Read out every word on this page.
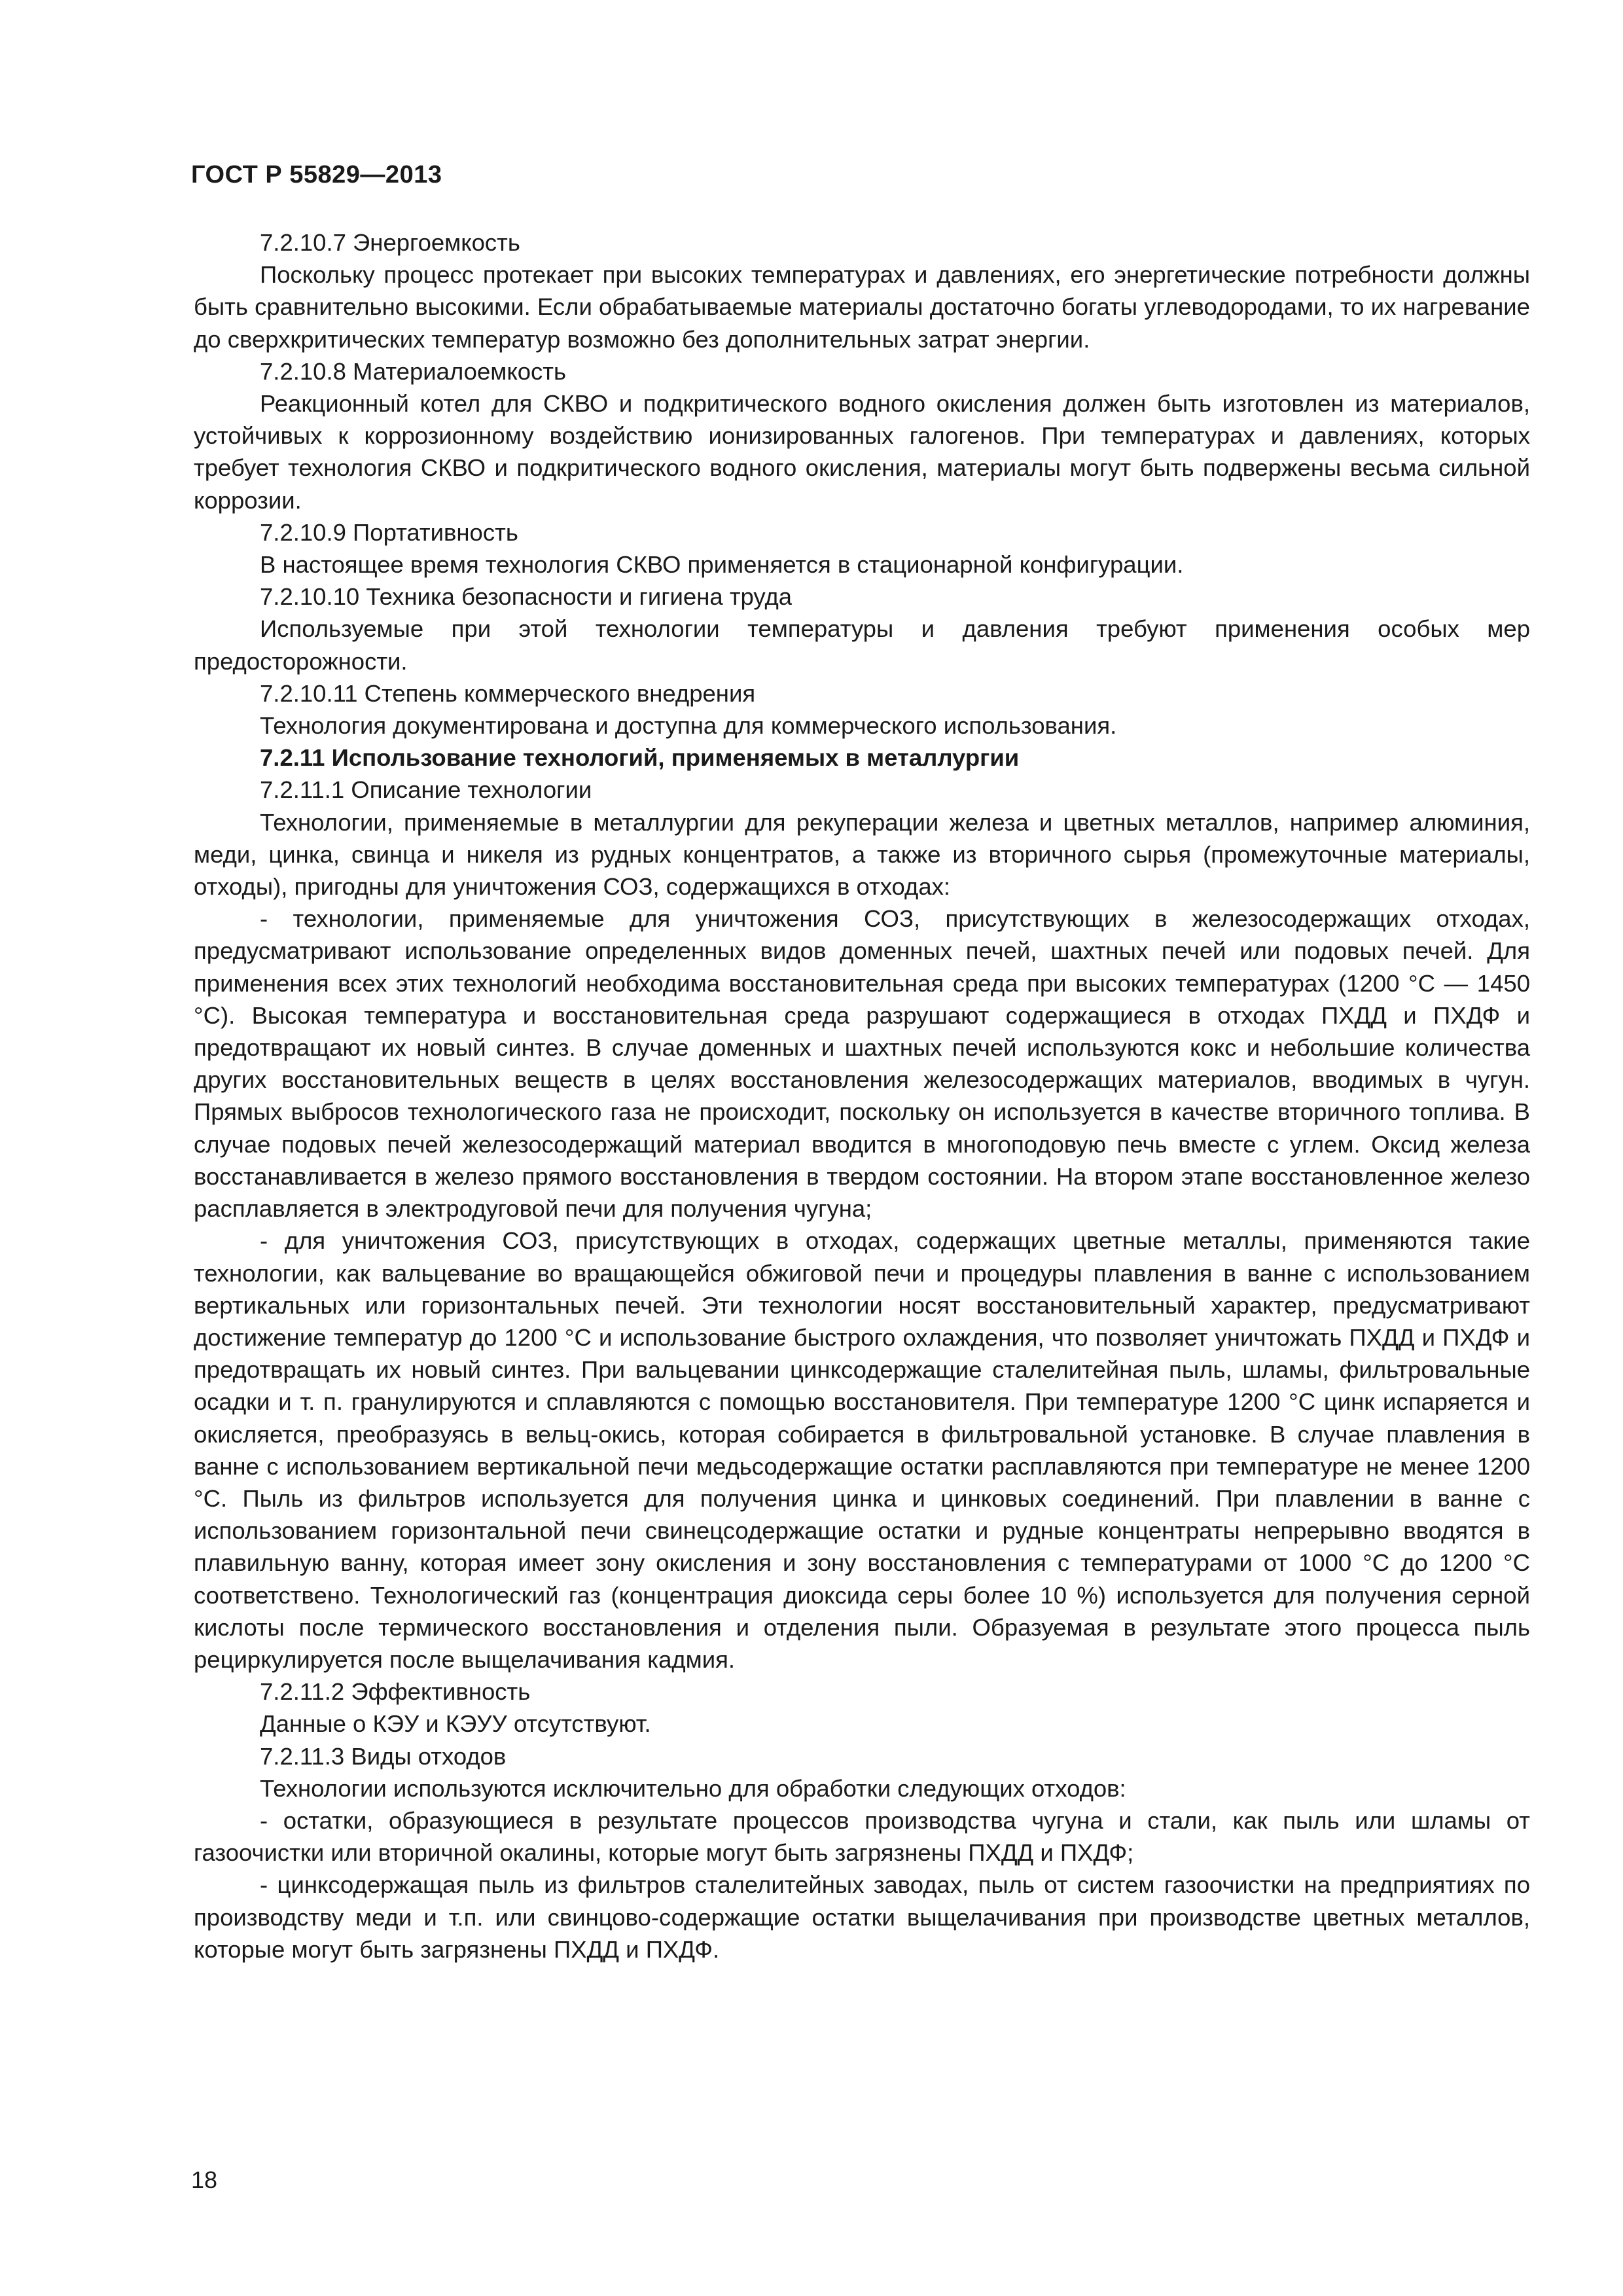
ГОСТ Р 55829—2013

7.2.10.7 Энергоемкость

Поскольку процесс протекает при высоких температурах и давлениях, его энергетические потребности должны быть сравнительно высокими. Если обрабатываемые материалы достаточно богаты углеводородами, то их нагревание до сверхкритических температур возможно без дополнительных затрат энергии.

7.2.10.8 Материалоемкость

Реакционный котел для СКВО и подкритического водного окисления должен быть изготовлен из материалов, устойчивых к коррозионному воздействию ионизированных галогенов. При температурах и давлениях, которых требует технология СКВО и подкритического водного окисления, материалы могут быть подвержены весьма сильной коррозии.

7.2.10.9 Портативность

В настоящее время технология СКВО применяется в стационарной конфигурации.

7.2.10.10 Техника безопасности и гигиена труда

Используемые при этой технологии температуры и давления требуют применения особых мер предосторожности.

7.2.10.11 Степень коммерческого внедрения

Технология документирована и доступна для коммерческого использования.

7.2.11 Использование технологий, применяемых в металлургии

7.2.11.1 Описание технологии

Технологии, применяемые в металлургии для рекуперации железа и цветных металлов, например алюминия, меди, цинка, свинца и никеля из рудных концентратов, а также из вторичного сырья (промежуточные материалы, отходы), пригодны для уничтожения СОЗ, содержащихся в отходах:

- технологии, применяемые для уничтожения СОЗ, присутствующих в железосодержащих отходах, предусматривают использование определенных видов доменных печей, шахтных печей или подовых печей. Для применения всех этих технологий необходима восстановительная среда при высоких температурах (1200 °С — 1450 °С). Высокая температура и восстановительная среда разрушают содержащиеся в отходах ПХДД и ПХДФ и предотвращают их новый синтез. В случае доменных и шахтных печей используются кокс и небольшие количества других восстановительных веществ в целях восстановления железосодержащих материалов, вводимых в чугун. Прямых выбросов технологического газа не происходит, поскольку он используется в качестве вторичного топлива. В случае подовых печей железосодержащий материал вводится в многоподовую печь вместе с углем. Оксид железа восстанавливается в железо прямого восстановления в твердом состоянии. На втором этапе восстановленное железо расплавляется в электродуговой печи для получения чугуна;

- для уничтожения СОЗ, присутствующих в отходах, содержащих цветные металлы, применяются такие технологии, как вальцевание во вращающейся обжиговой печи и процедуры плавления в ванне с использованием вертикальных или горизонтальных печей. Эти технологии носят восстановительный характер, предусматривают достижение температур до 1200 °С и использование быстрого охлаждения, что позволяет уничтожать ПХДД и ПХДФ и предотвращать их новый синтез. При вальцевании цинксодержащие сталелитейная пыль, шламы, фильтровальные осадки и т. п. гранулируются и сплавляются с помощью восстановителя. При температуре 1200 °С цинк испаряется и окисляется, преобразуясь в вельц-окись, которая собирается в фильтровальной установке. В случае плавления в ванне с использованием вертикальной печи медьсодержащие остатки расплавляются при температуре не менее 1200 °С. Пыль из фильтров используется для получения цинка и цинковых соединений. При плавлении в ванне с использованием горизонтальной печи свинецсодержащие остатки и рудные концентраты непрерывно вводятся в плавильную ванну, которая имеет зону окисления и зону восстановления с температурами от 1000 °С до 1200 °С соответствено. Технологический газ (концентрация диоксида серы более 10 %) используется для получения серной кислоты после термического восстановления и отделения пыли. Образуемая в результате этого процесса пыль рециркулируется после выщелачивания кадмия.

7.2.11.2 Эффективность

Данные о КЭУ и КЭУУ отсутствуют.

7.2.11.3 Виды отходов

Технологии используются исключительно для обработки следующих отходов:

- остатки, образующиеся в результате процессов производства чугуна и стали, как пыль или шламы от газоочистки или вторичной окалины, которые могут быть загрязнены ПХДД и ПХДФ;

- цинксодержащая пыль из фильтров сталелитейных заводах, пыль от систем газоочистки на предприятиях по производству меди и т.п. или свинцово-содержащие остатки выщелачивания при производстве цветных металлов, которые могут быть загрязнены ПХДД и ПХДФ.

18
